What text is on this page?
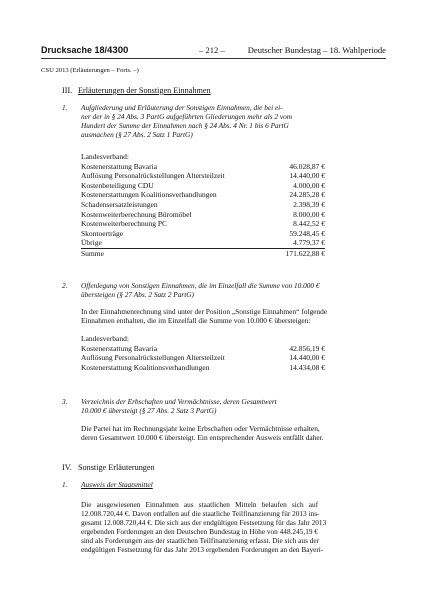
Drucksache 18/4300	– 212 –	Deutscher Bundestag – 18. Wahlperiode
CSU 2013 (Erläuterungen – Forts. –)
III. Erläuterungen der Sonstigen Einnahmen
1. Aufgliederung und Erläuterung der Sonstigen Einnahmen, die bei ei-
ner der in § 24 Abs. 3 PartG aufgeführten Gliederungen mehr als 2 vom
Hundert der Summe der Einnahmen nach § 24 Abs. 4 Nr. 1 bis 6 PartG
ausmachen (§ 27 Abs. 2 Satz 1 PartG)
Landesverband:
Kostenerstattung Bavaria	46.028,87 €
Auflösung Personalrückstellungen Altersteilzeit	14.440,00 €
Kostenbeteiligung CDU	4.000,00 €
Kostenerstattungen Koalitionsverhandlungen	24.285,28 €
Schadensersatzleistungen	2.398,39 €
Kostenweiterberechnung Büromöbel	8.000,00 €
Kostenweiterberechnung PC	8.442,52 €
Skontoerträge	59.248,45 €
Übrige	4.779,37 €
Summe	171.622,88 €
2. Offenlegung von Sonstigen Einnahmen, die im Einzelfall die Summe von 10.000 €
übersteigen (§ 27 Abs. 2 Satz 2 PartG)
In der Einnahmenrechnung sind unter der Position „Sonstige Einnahmen“ folgende
Einnahmen enthalten, die im Einzelfall die Summe von 10.000 € übersteigen:
Landesverband:
Kostenerstattung Bavaria	42.856,19 €
Auflösung Personalrückstellungen Altersteilzeit	14.440,00 €
Kostenerstattung Koalitionsverhandlungen	14.434,08 €
3. Verzeichnis der Erbschaften und Vermächtnisse, deren Gesamtwert
10.000 € übersteigt (§ 27 Abs. 2 Satz 3 PartG)
Die Partei hat im Rechnungsjahr keine Erbschaften oder Vermächtnisse erhalten,
deren Gesamtwert 10.000 € übersteigt. Ein entsprechender Ausweis entfällt daher.
IV. Sonstige Erläuterungen
1. Ausweis der Staatsmittel
Die ausgewiesenen Einnahmen aus staatlichen Mitteln belaufen sich auf
12.008.720,44 €. Davon entfallen auf die staatliche Teilfinanzierung für 2013 ins-
gesamt 12.008.720,44 €. Die sich aus der endgültigen Festsetzung für das Jahr 2013
ergebenden Forderungen an den Deutschen Bundestag in Höhe von 448.245,19 €
sind als Forderungen aus der staatlichen Teilfinanzierung erfasst. Die sich aus der
endgültigen Festsetzung für das Jahr 2013 ergebenden Forderungen an den Bayeri-
